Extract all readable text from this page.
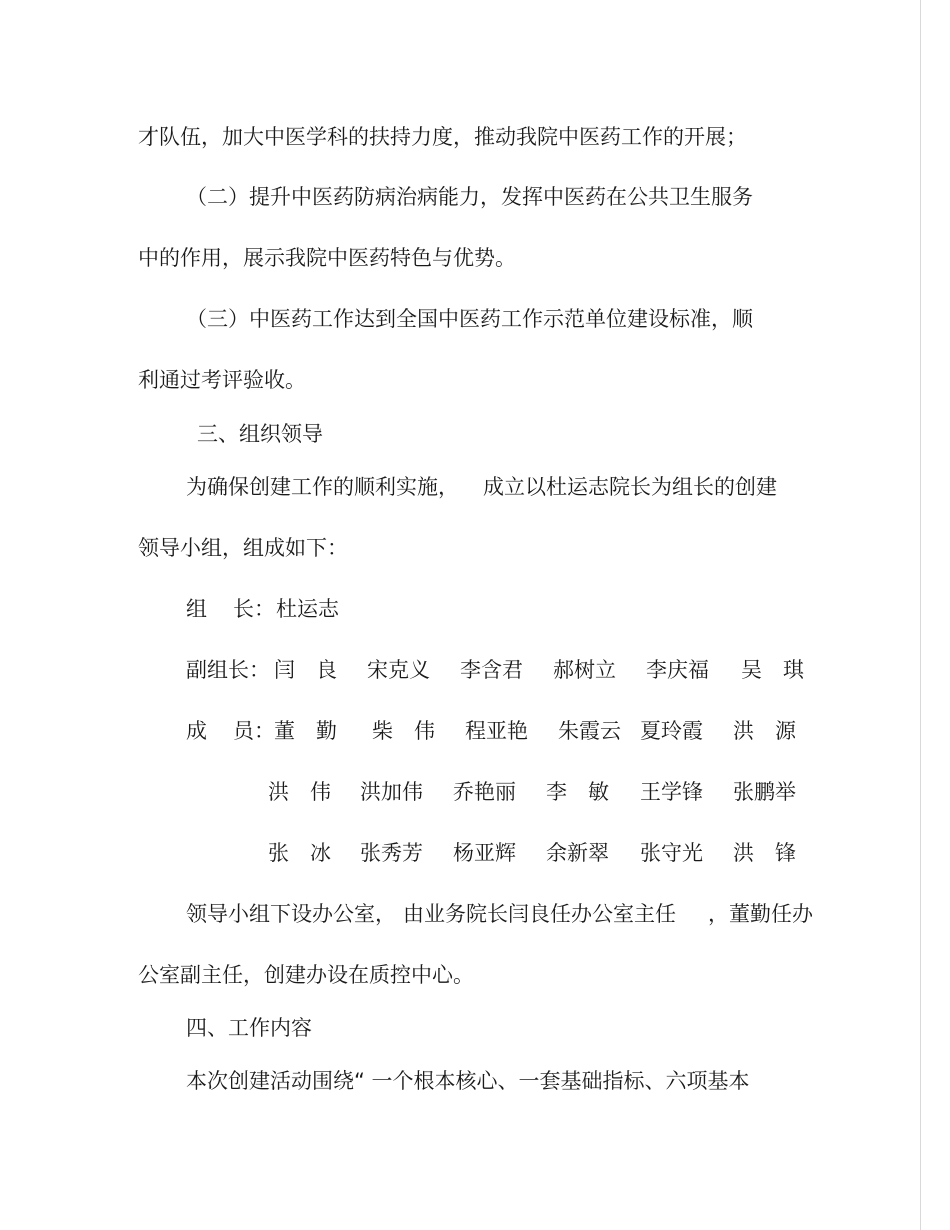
才队伍，加大中医学科的扶持力度，推动我院中医药工作的开展；
（二）提升中医药防病治病能力，发挥中医药在公共卫生服务
中的作用，展示我院中医药特色与优势。
（三）中医药工作达到全国中医药工作示范单位建设标准，顺
利通过考评验收。
三、组织领导
为确保创建工作的顺利实施， 成立以杜运志院长为组长的创建
领导小组，组成如下：
组 长： 杜运志
副组长： 闫　良 宋克义 李含君 郝树立 李庆福 吴　琪
成 员： 董　勤 柴　伟 程亚艳 朱霞云 夏玲霞 洪　源
洪　伟 洪加伟 乔艳丽 李　敏 王学锋 张鹏举
张　冰 张秀芳 杨亚辉 余新翠 张守光 洪　锋
领导小组下设办公室， 由业务院长闫良任办公室主任 ，董勤任办
公室副主任，创建办设在质控中心。
四、工作内容
本次创建活动围绕“ 一个根本核心、一套基础指标、六项基本
